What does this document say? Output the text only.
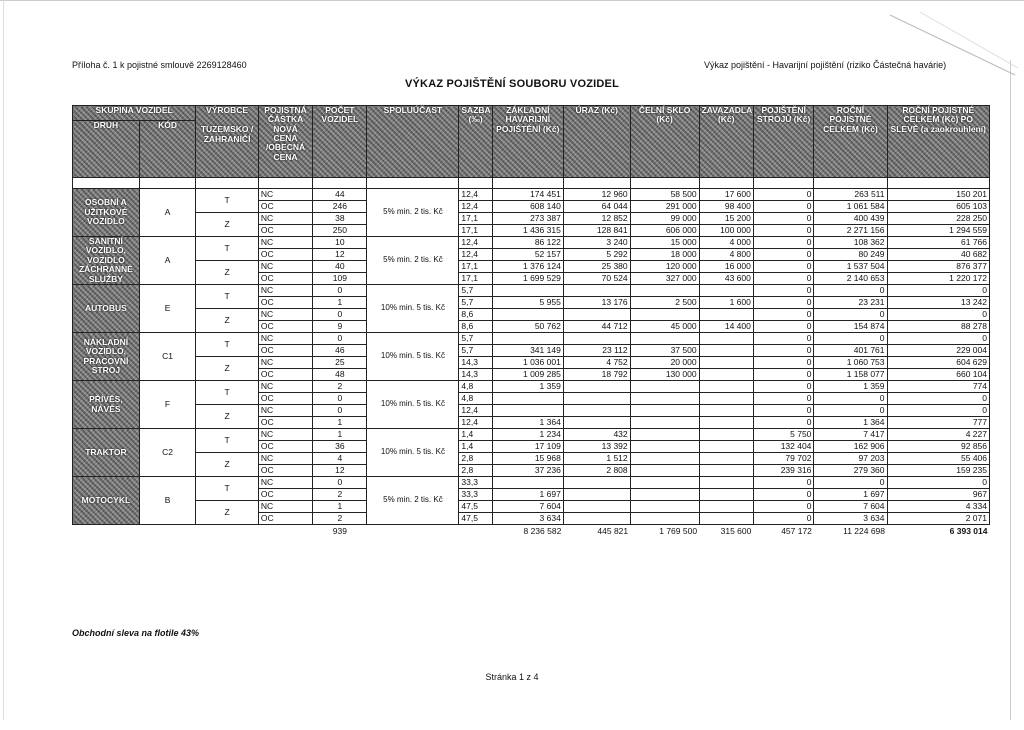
Příloha č. 1 k pojistné smlouvě 2269128460	Výkaz pojištění - Havarijní pojištění (riziko Částečná havárie)
VÝKAZ POJIŠTĚNÍ SOUBORU VOZIDEL
SKUPINA VOZIDEL		VÝROBCE
TUZEMSKO / ZAHRANIČÍ	POJISTNÁ ČÁSTKA NOVÁ CENA /OBECNÁ CENA	POČET VOZIDEL	SPOLUÚČAST	SAZBA (‰)	ZÁKLADNÍ HAVARIJNÍ POJIŠTĚNÍ (Kč)	ÚRAZ (Kč)	ČELNÍ SKLO (Kč)	ZAVAZADLA (Kč)	POJIŠTĚNÍ STROJŮ (Kč)	ROČNÍ POJISTNÉ CELKEM (Kč)	ROČNÍ POJISTNÉ CELKEM (Kč) PO SLEVĚ (a zaokrouhlení)
DRUH	KÓD												

OSOBNÍ A UŽITKOVÉ VOZIDLO	A	T	NC	44	5% min. 2 tis. Kč	12,4	174 451	12 960	58 500	17 600	0	263 511	150 201
			OC	246		12,4	608 140	64 044	291 000	98 400	0	1 061 584	605 103
		Z	NC	38		17,1	273 387	12 852	99 000	15 200	0	400 439	228 250
			OC	250		17,1	1 436 315	128 841	606 000	100 000	0	2 271 156	1 294 559
SANITNÍ VOZIDLO, VOZIDLO ZÁCHRANNÉ SLUŽBY	A	T	NC	10	5% min. 2 tis. Kč	12,4	86 122	3 240	15 000	4 000	0	108 362	61 766
			OC	12		12,4	52 157	5 292	18 000	4 800	0	80 249	40 682
		Z	NC	40		17,1	1 376 124	25 380	120 000	16 000	0	1 537 504	876 377
			OC	109		17,1	1 699 529	70 524	327 000	43 600	0	2 140 653	1 220 172
AUTOBUS	E	T	NC	0	10% min. 5 tis. Kč	5,7					0	0	0
			OC	1		5,7	5 955	13 176	2 500	1 600	0	23 231	13 242
		Z	NC	0		8,6					0	0	0
			OC	9		8,6	50 762	44 712	45 000	14 400	0	154 874	88 278
NÁKLADNÍ VOZIDLO, PRACOVNÍ STROJ	C1	T	NC	0	10% min. 5 tis. Kč	5,7					0	0	0
			OC	46		5,7	341 149	23 112	37 500		0	401 761	229 004
		Z	NC	25		14,3	1 036 001	4 752	20 000		0	1 060 753	604 629
			OC	48		14,3	1 009 285	18 792	130 000		0	1 158 077	660 104
PŘÍVĚS, NÁVĚS	F	T	NC	2	10% min. 5 tis. Kč	4,8	1 359				0	1 359	774
			OC	0		4,8					0	0	0
		Z	NC	0		12,4					0	0	0
			OC	1		12,4	1 364				0	1 364	777
TRAKTOR	C2	T	NC	1	10% min. 5 tis. Kč	1,4	1 234	432			5 750	7 417	4 227
			OC	36		1,4	17 109	13 392			132 404	162 906	92 856
		Z	NC	4		2,8	15 968	1 512			79 702	97 203	55 406
			OC	12		2,8	37 236	2 808			239 316	279 360	159 235
MOTOCYKL	B	T	NC	0	5% min. 2 tis. Kč	33,3					0	0	0
			OC	2		33,3	1 697				0	1 697	967
		Z	NC	1		47,5	7 604				0	7 604	4 334
			OC	2		47,5	3 634				0	3 634	2 071
				939			8 236 582	445 821	1 769 500	315 600	457 172	11 224 698	6 393 014
Obchodní sleva na flotile 43%
Stránka 1 z 4
